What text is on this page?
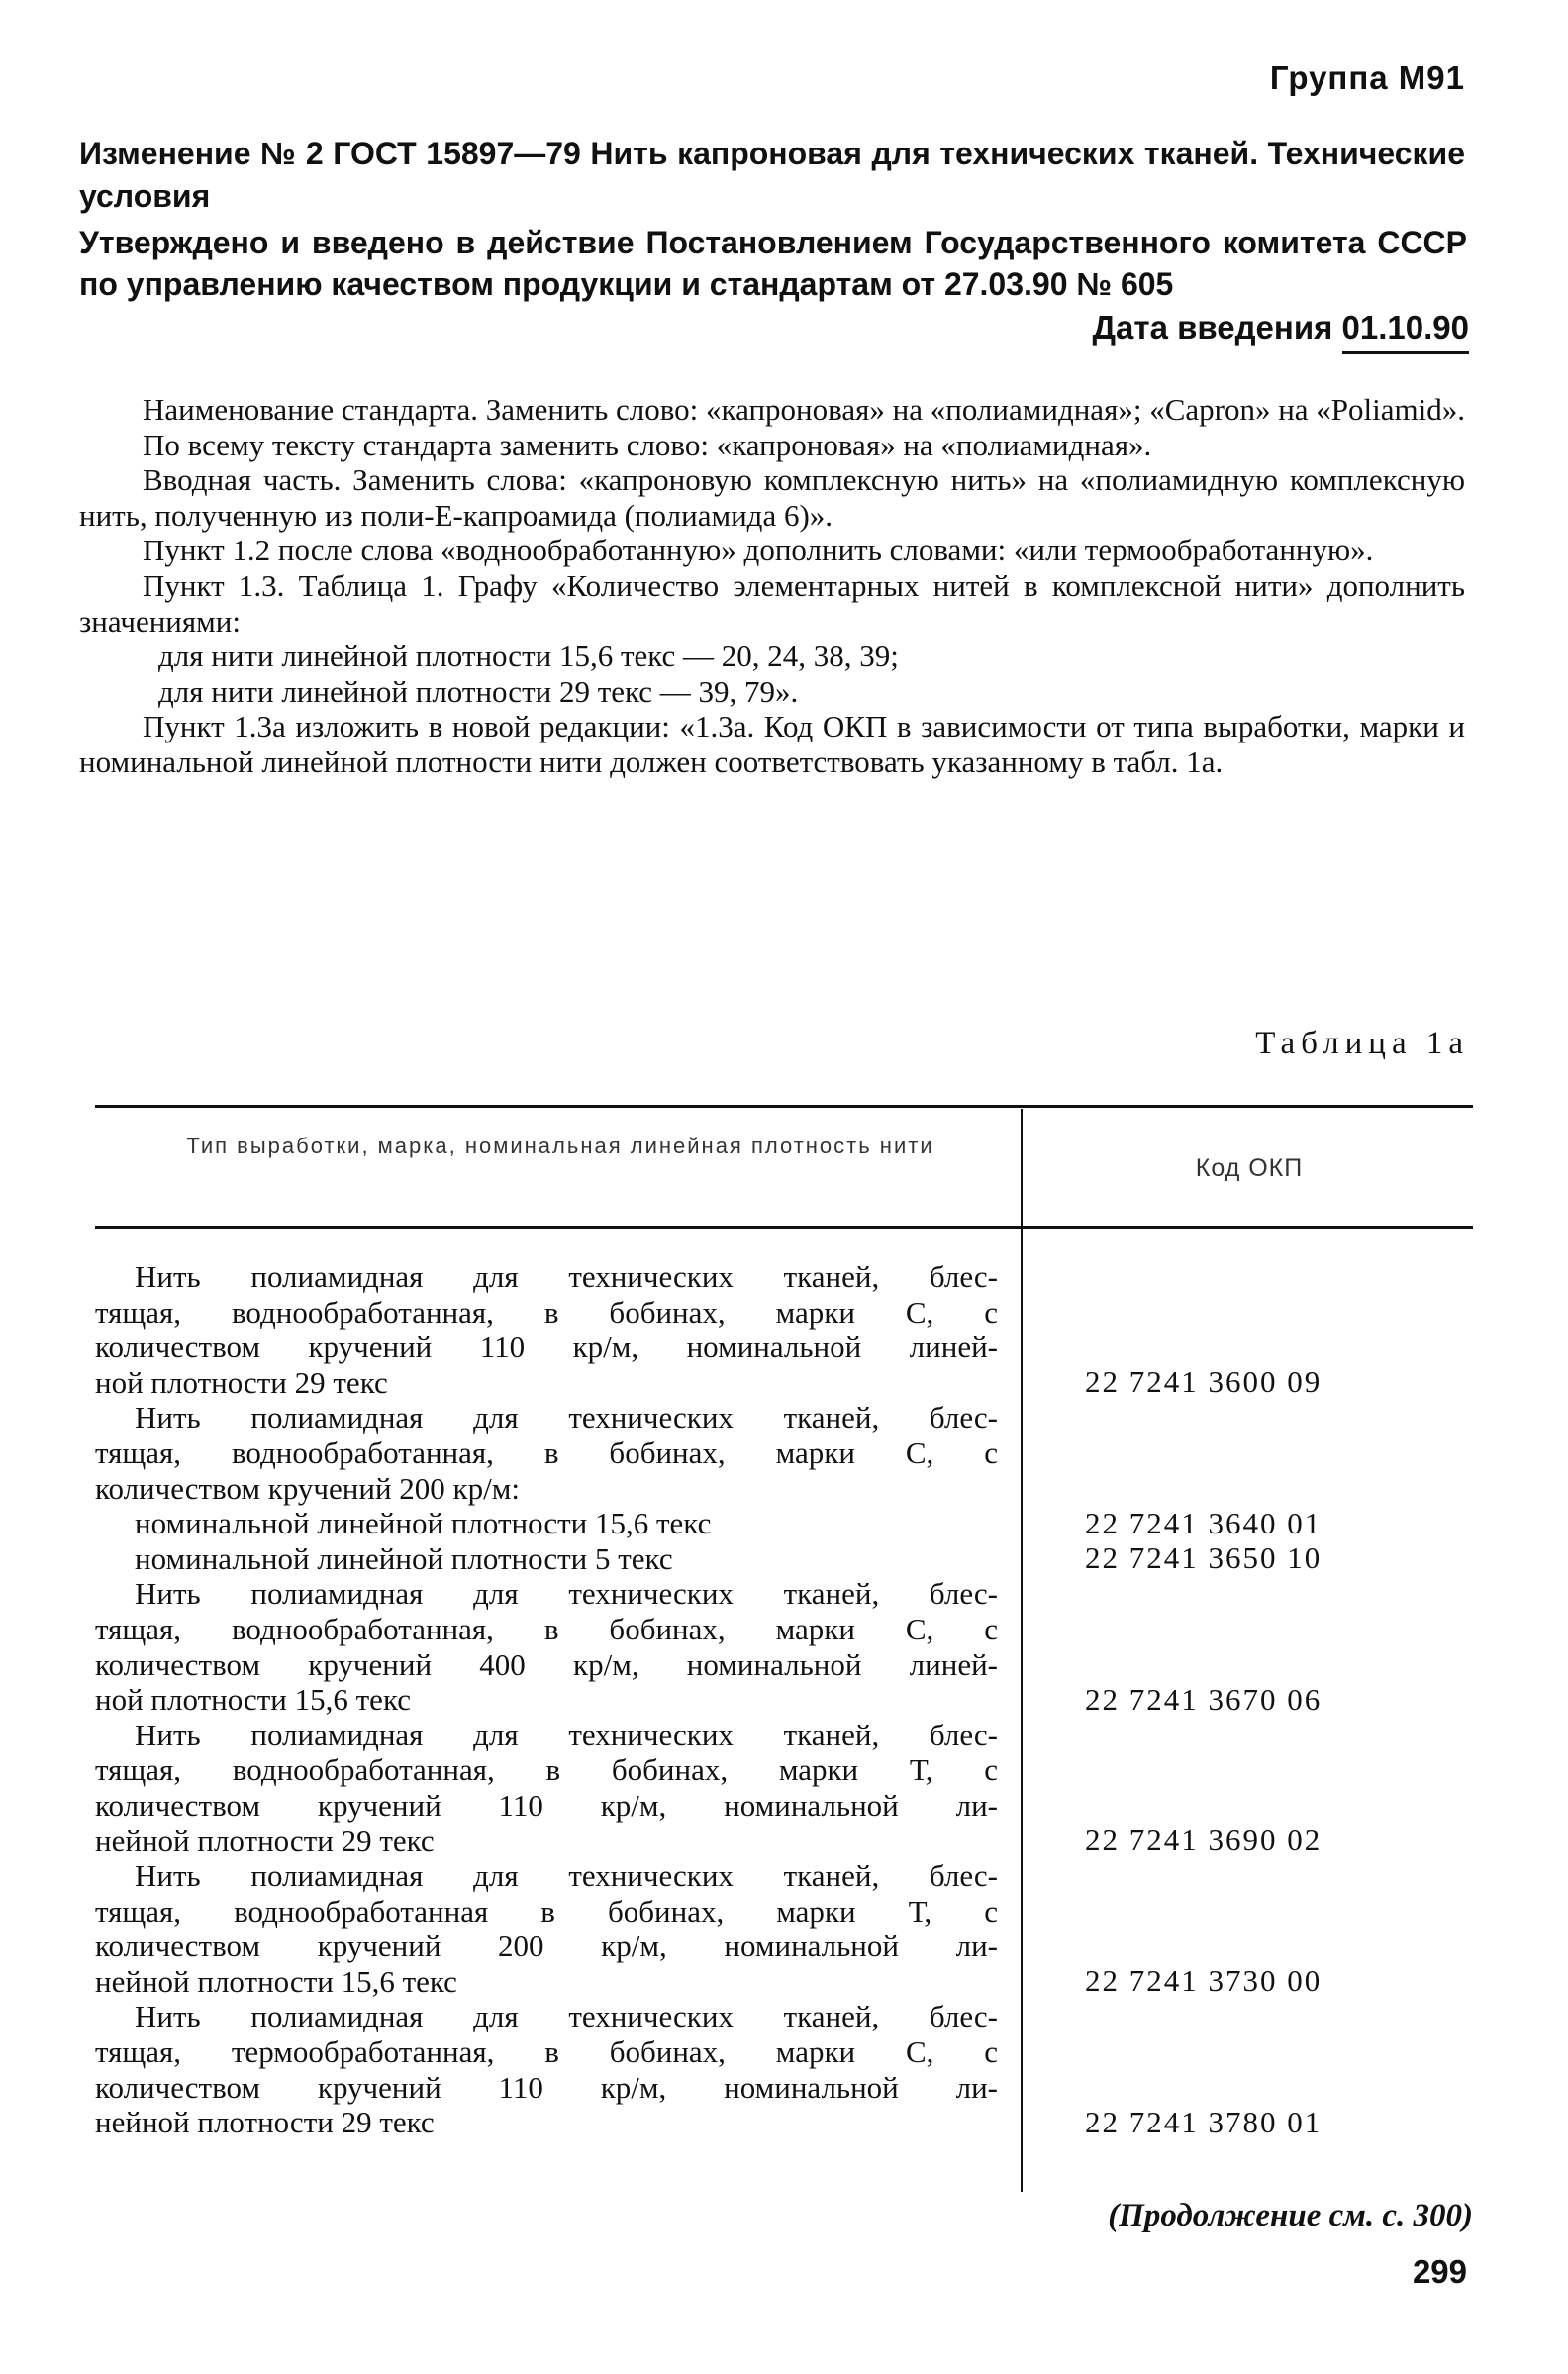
Группа М91
Изменение № 2 ГОСТ 15897—79 Нить капроновая для технических тканей. Технические условия
Утверждено и введено в действие Постановлением Государственного комитета СССР по управлению качеством продукции и стандартам от 27.03.90 № 605
Дата введения 01.10.90

Наименование стандарта. Заменить слово: «капроновая» на «полиамидная»; «Capron» на «Poliamid».

По всему тексту стандарта заменить слово: «капроновая» на «полиамидная».

Вводная часть. Заменить слова: «капроновую комплексную нить» на «полиамидную комплексную нить, полученную из поли-Е-капроамида (полиамида 6)».

Пункт 1.2 после слова «воднообработанную» дополнить словами: «или термообработанную».

Пункт 1.3. Таблица 1. Графу «Количество элементарных нитей в комплексной нити» дополнить значениями:

для нити линейной плотности 15,6 текс — 20, 24, 38, 39;

для нити линейной плотности 29 текс — 39, 79».

Пункт 1.3а изложить в новой редакции: «1.3а. Код ОКП в зависимости от типа выработки, марки и номинальной линейной плотности нити должен соответствовать указанному в табл. 1а.

Таблица 1а
Тип выработки, марка, номинальная линейная плотность нити
Код ОКП
Нить полиамидная для технических тканей, блес-
тящая, воднообработанная, в бобинах, марки С, с
количеством кручений 110 кр/м, номинальной линей-
ной плотности 29 текс	22 7241 3600 09
Нить полиамидная для технических тканей, блес-
тящая, воднообработанная, в бобинах, марки С, с
количеством кручений 200 кр/м:
номинальной линейной плотности 15,6 текс	22 7241 3640 01
номинальной линейной плотности 5 текс	22 7241 3650 10
Нить полиамидная для технических тканей, блес-
тящая, воднообработанная, в бобинах, марки С, с
количеством кручений 400 кр/м, номинальной линей-
ной плотности 15,6 текс	22 7241 3670 06
Нить полиамидная для технических тканей, блес-
тящая, воднообработанная, в бобинах, марки Т, с
количеством кручений 110 кр/м, номинальной ли-
нейной плотности 29 текс	22 7241 3690 02
Нить полиамидная для технических тканей, блес-
тящая, воднообработанная в бобинах, марки Т, с
количеством кручений 200 кр/м, номинальной ли-
нейной плотности 15,6 текс	22 7241 3730 00
Нить полиамидная для технических тканей, блес-
тящая, термообработанная, в бобинах, марки С, с
количеством кручений 110 кр/м, номинальной ли-
нейной плотности 29 текс	22 7241 3780 01
(Продолжение см. с. 300)
299
